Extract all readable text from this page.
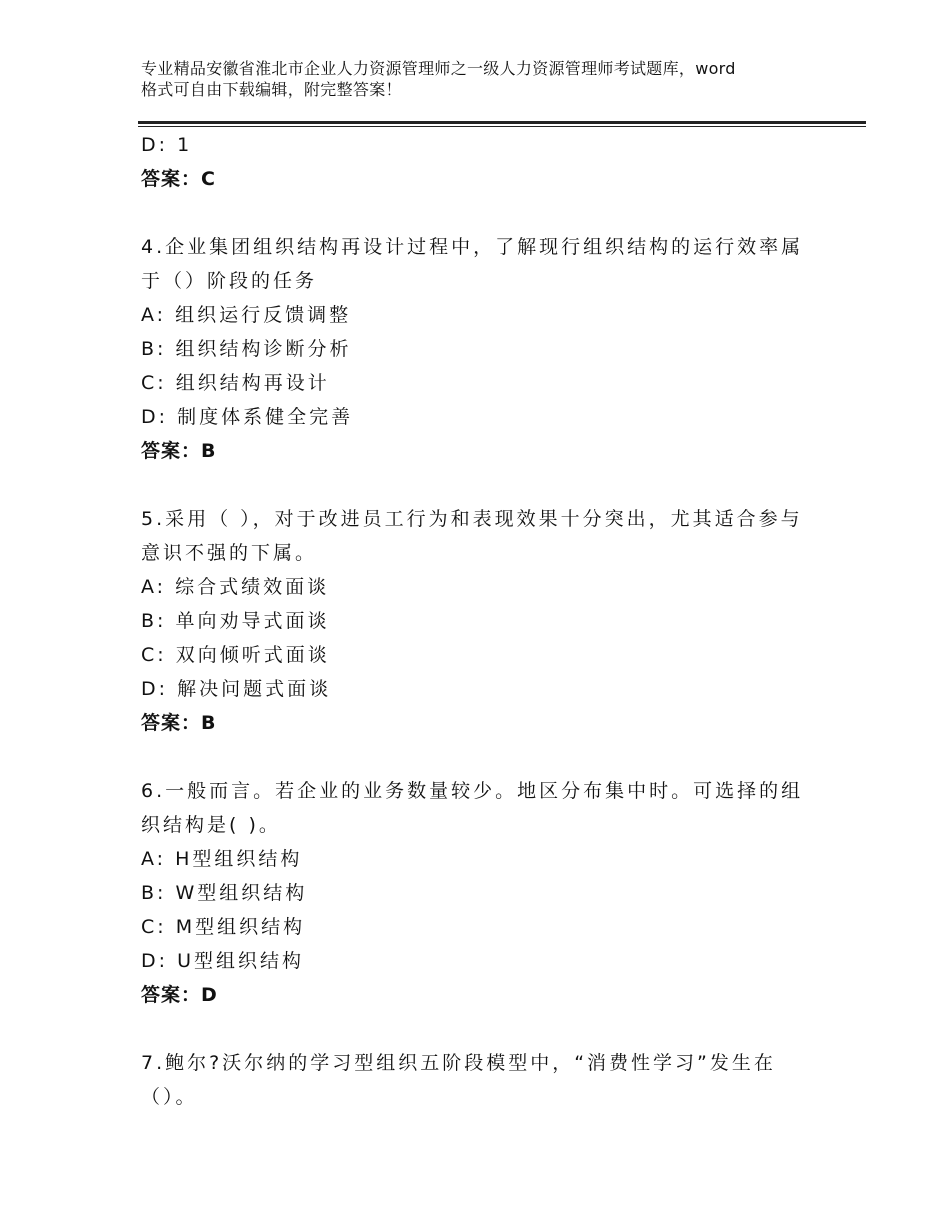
专业精品安徽省淮北市企业人力资源管理师之一级人力资源管理师考试题库，word
格式可自由下载编辑，附完整答案！
D: 1
答案：C
4.企业集团组织结构再设计过程中，了解现行组织结构的运行效率属
于（）阶段的任务
A: 组织运行反馈调整
B: 组织结构诊断分析
C: 组织结构再设计
D: 制度体系健全完善
答案：B
5.采用（ ），对于改进员工行为和表现效果十分突出，尤其适合参与
意识不强的下属。
A: 综合式绩效面谈
B: 单向劝导式面谈
C: 双向倾听式面谈
D: 解决问题式面谈
答案：B
6.一般而言。若企业的业务数量较少。地区分布集中时。可选择的组
织结构是( )。
A: H型组织结构
B: W型组织结构
C: M型组织结构
D: U型组织结构
答案：D
7.鲍尔?沃尔纳的学习型组织五阶段模型中，“消费性学习”发生在
（）。
